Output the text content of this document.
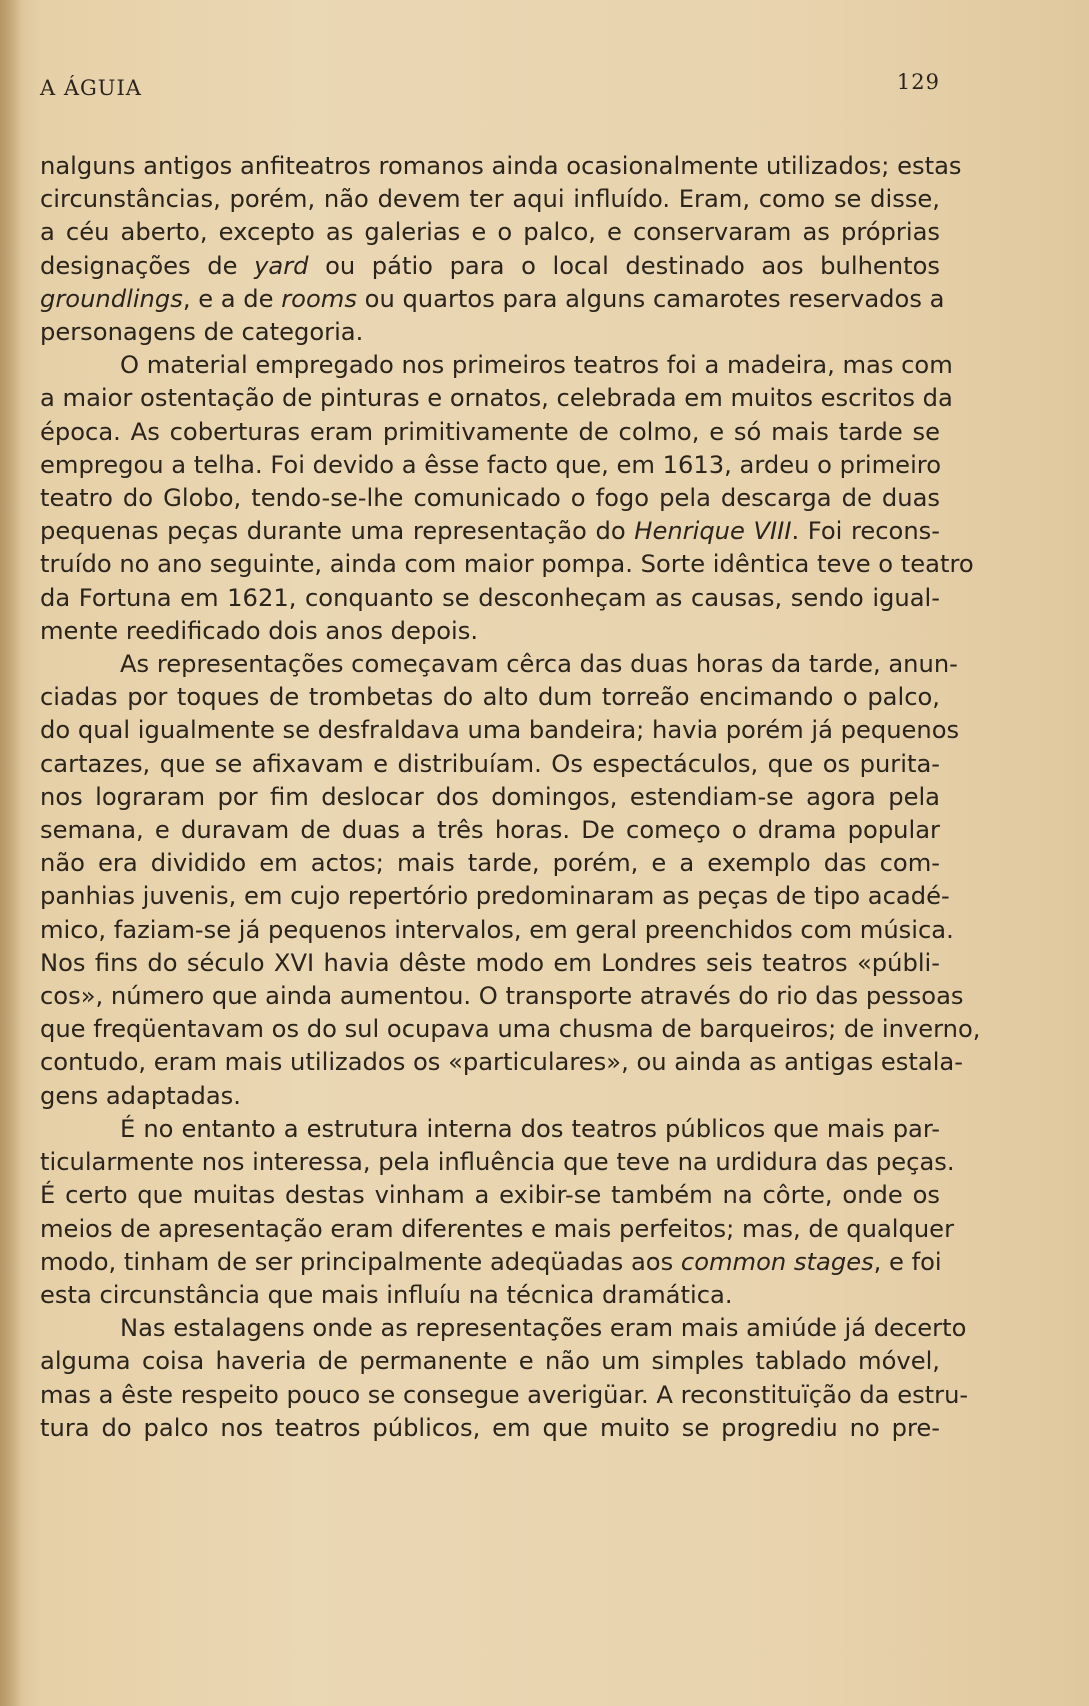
A ÁGUIA	129

nalguns antigos anfiteatros romanos ainda ocasionalmente utilizados; estas
circunstâncias, porém, não devem ter aqui influído. Eram, como se disse,
a céu aberto, excepto as galerias e o palco, e conservaram as próprias
designações de yard ou pátio para o local destinado aos bulhentos
groundlings, e a de rooms ou quartos para alguns camarotes reservados a
personagens de categoria.

O material empregado nos primeiros teatros foi a madeira, mas com
a maior ostentação de pinturas e ornatos, celebrada em muitos escritos da
época. As coberturas eram primitivamente de colmo, e só mais tarde se
empregou a telha. Foi devido a êsse facto que, em 1613, ardeu o primeiro
teatro do Globo, tendo-se-lhe comunicado o fogo pela descarga de duas
pequenas peças durante uma representação do Henrique VIII. Foi recons-
truído no ano seguinte, ainda com maior pompa. Sorte idêntica teve o teatro
da Fortuna em 1621, conquanto se desconheçam as causas, sendo igual-
mente reedificado dois anos depois.

As representações começavam cêrca das duas horas da tarde, anun-
ciadas por toques de trombetas do alto dum torreão encimando o palco,
do qual igualmente se desfraldava uma bandeira; havia porém já pequenos
cartazes, que se afixavam e distribuíam. Os espectáculos, que os purita-
nos lograram por fim deslocar dos domingos, estendiam-se agora pela
semana, e duravam de duas a três horas. De começo o drama popular
não era dividido em actos; mais tarde, porém, e a exemplo das com-
panhias juvenis, em cujo repertório predominaram as peças de tipo acadé-
mico, faziam-se já pequenos intervalos, em geral preenchidos com música.
Nos fins do século XVI havia dêste modo em Londres seis teatros «públi-
cos», número que ainda aumentou. O transporte através do rio das pessoas
que freqüentavam os do sul ocupava uma chusma de barqueiros; de inverno,
contudo, eram mais utilizados os «particulares», ou ainda as antigas estala-
gens adaptadas.

É no entanto a estrutura interna dos teatros públicos que mais par-
ticularmente nos interessa, pela influência que teve na urdidura das peças.
É certo que muitas destas vinham a exibir-se também na côrte, onde os
meios de apresentação eram diferentes e mais perfeitos; mas, de qualquer
modo, tinham de ser principalmente adeqüadas aos common stages, e foi
esta circunstância que mais influíu na técnica dramática.

Nas estalagens onde as representações eram mais amiúde já decerto
alguma coisa haveria de permanente e não um simples tablado móvel,
mas a êste respeito pouco se consegue averigüar. A reconstituïção da estru-
tura do palco nos teatros públicos, em que muito se progrediu no pre-
